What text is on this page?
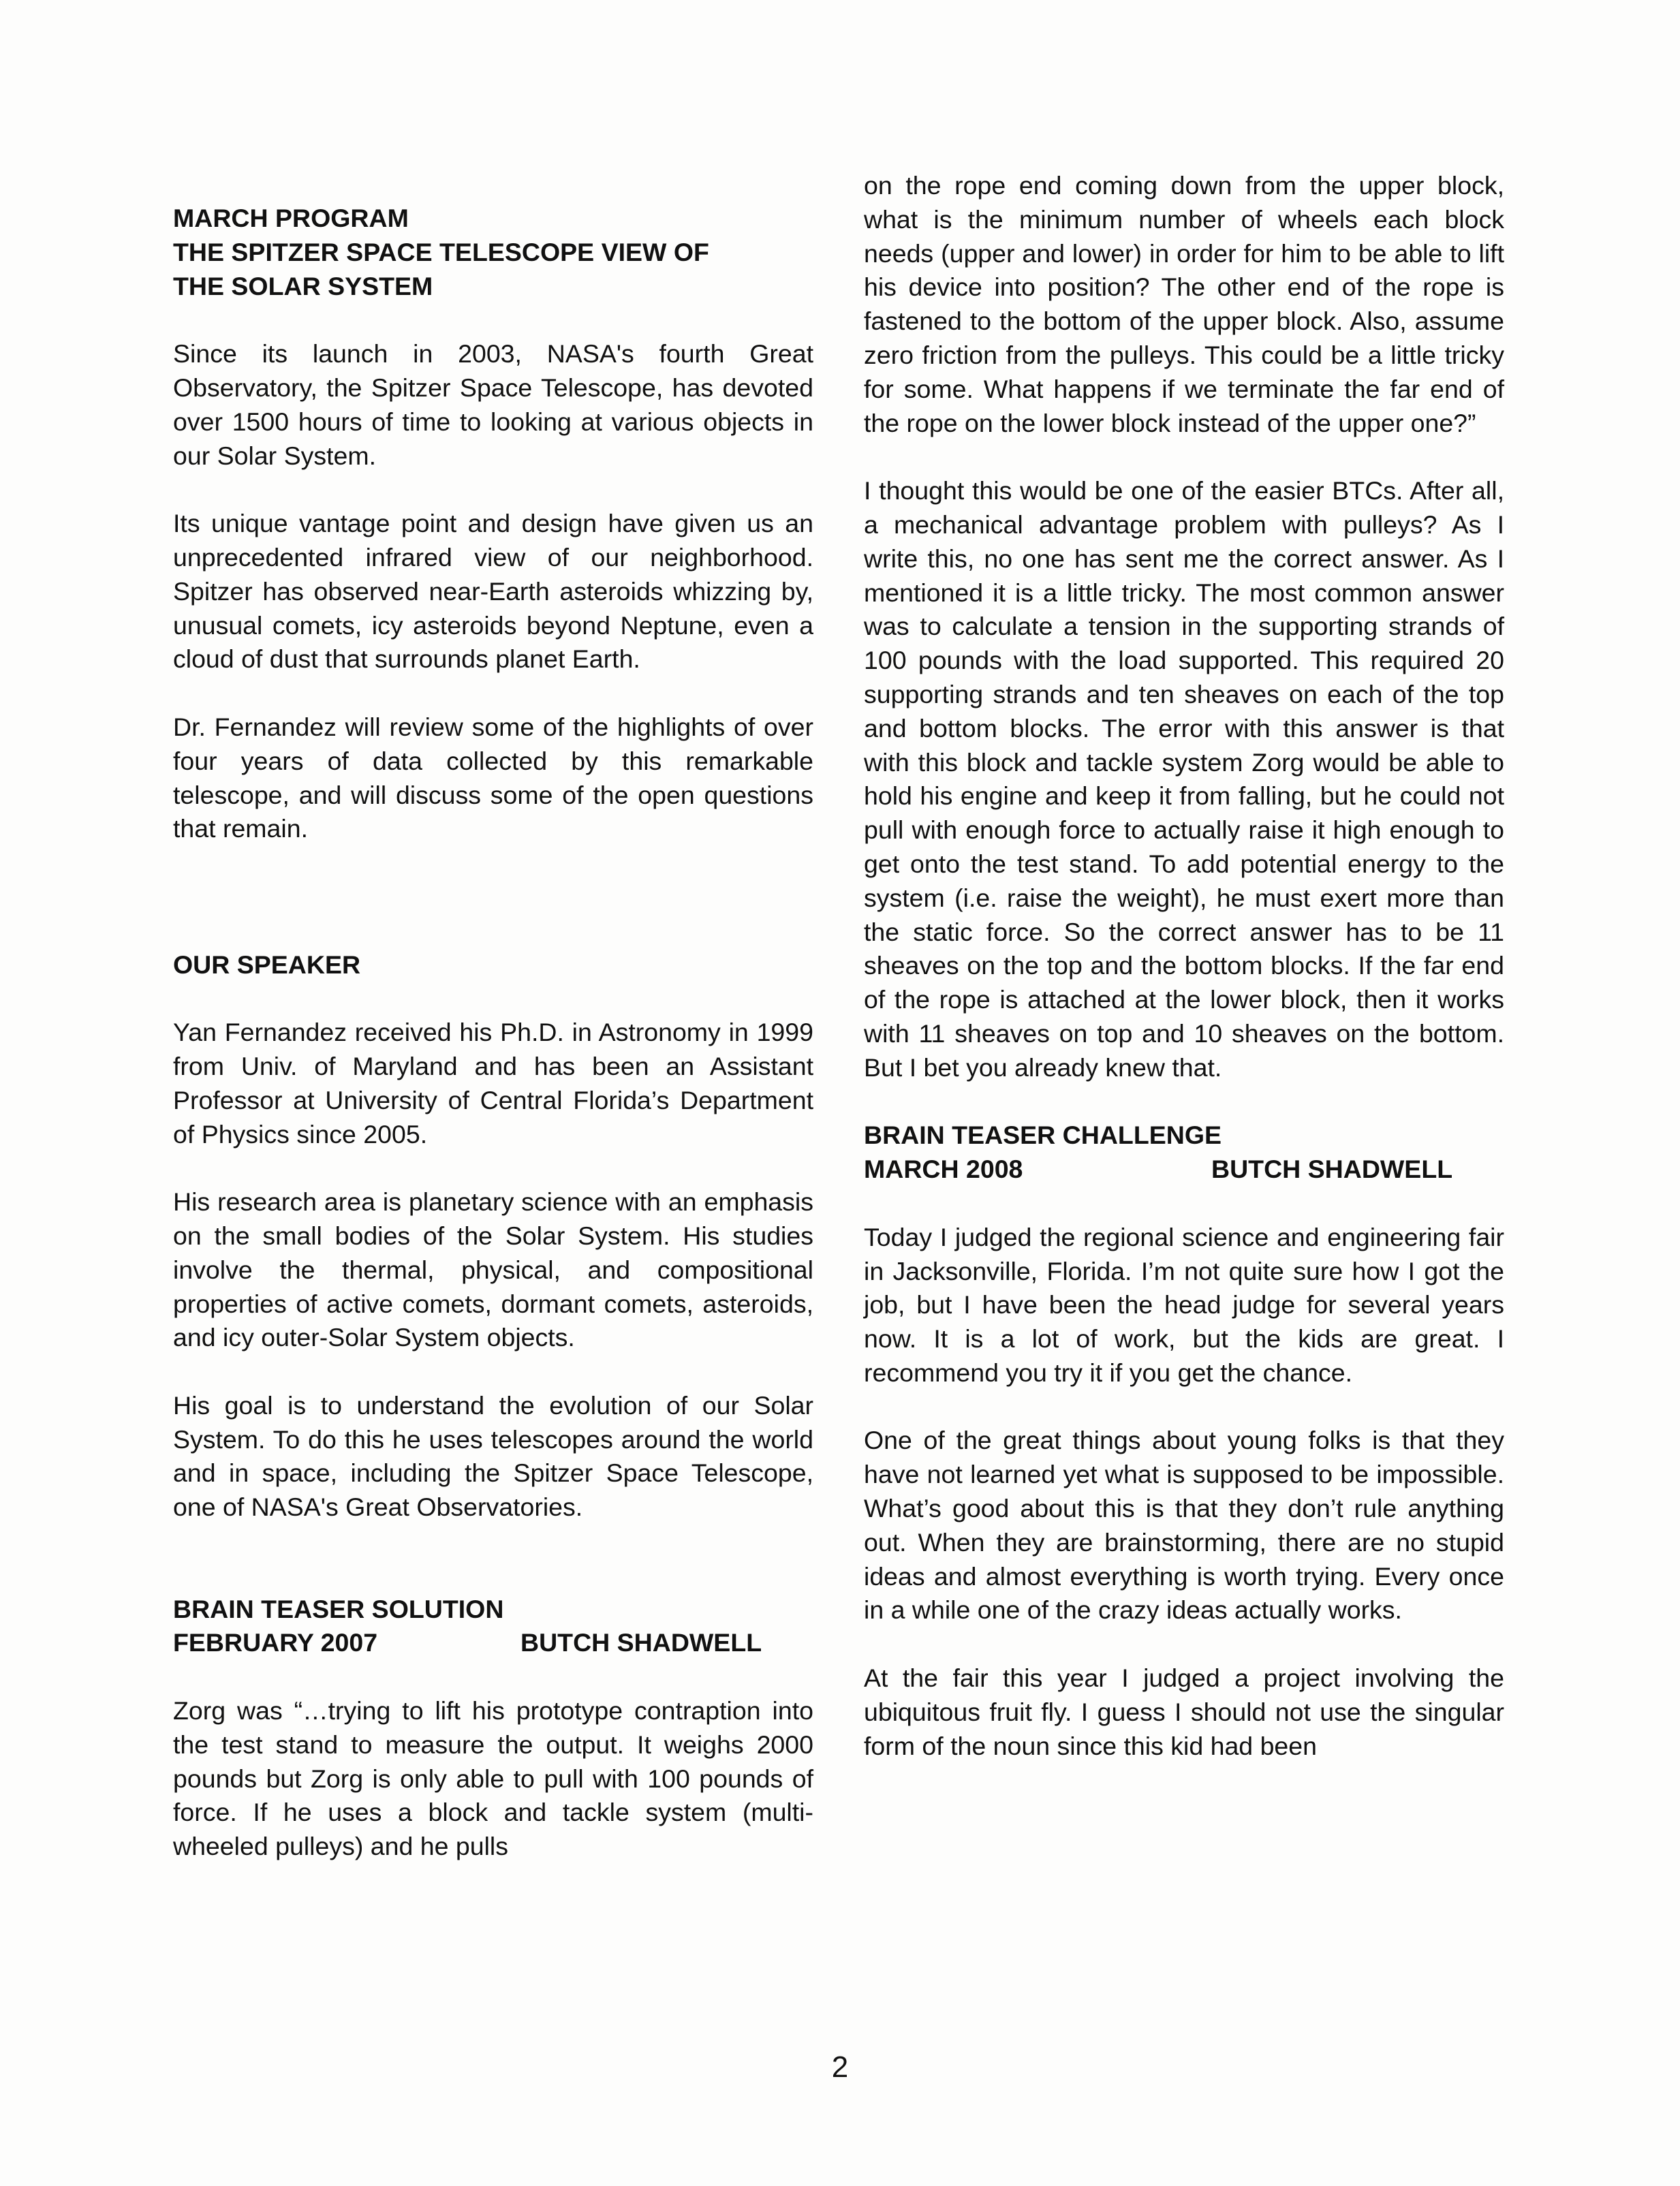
MARCH PROGRAM
THE SPITZER SPACE TELESCOPE VIEW OF
THE SOLAR SYSTEM

Since its launch in 2003, NASA's fourth Great Observatory, the Spitzer Space Telescope, has devoted over 1500 hours of time to looking at various objects in our Solar System.

Its unique vantage point and design have given us an unprecedented infrared view of our neighborhood. Spitzer has observed near-Earth asteroids whizzing by, unusual comets, icy asteroids beyond Neptune, even a cloud of dust that surrounds planet Earth.

Dr. Fernandez will review some of the highlights of over four years of data collected by this remarkable telescope, and will discuss some of the open questions that remain.

OUR SPEAKER

Yan Fernandez received his Ph.D. in Astronomy in 1999 from Univ. of Maryland and has been an Assistant Professor at University of Central Florida’s Department of Physics since 2005.

His research area is planetary science with an emphasis on the small bodies of the Solar System. His studies involve the thermal, physical, and compositional properties of active comets, dormant comets, asteroids, and icy outer-Solar System objects.

His goal is to understand the evolution of our Solar System. To do this he uses telescopes around the world and in space, including the Spitzer Space Telescope, one of NASA's Great Observatories.

BRAIN TEASER SOLUTION
FEBRUARY 2007	BUTCH SHADWELL

Zorg was “…trying to lift his prototype contraption into the test stand to measure the output. It weighs 2000 pounds but Zorg is only able to pull with 100 pounds of force. If he uses a block and tackle system (multi-wheeled pulleys) and he pulls

on the rope end coming down from the upper block, what is the minimum number of wheels each block needs (upper and lower) in order for him to be able to lift his device into position? The other end of the rope is fastened to the bottom of the upper block. Also, assume zero friction from the pulleys. This could be a little tricky for some. What happens if we terminate the far end of the rope on the lower block instead of the upper one?”

I thought this would be one of the easier BTCs. After all, a mechanical advantage problem with pulleys? As I write this, no one has sent me the correct answer. As I mentioned it is a little tricky. The most common answer was to calculate a tension in the supporting strands of 100 pounds with the load supported. This required 20 supporting strands and ten sheaves on each of the top and bottom blocks. The error with this answer is that with this block and tackle system Zorg would be able to hold his engine and keep it from falling, but he could not pull with enough force to actually raise it high enough to get onto the test stand. To add potential energy to the system (i.e. raise the weight), he must exert more than the static force. So the correct answer has to be 11 sheaves on the top and the bottom blocks. If the far end of the rope is attached at the lower block, then it works with 11 sheaves on top and 10 sheaves on the bottom. But I bet you already knew that.

BRAIN TEASER CHALLENGE
MARCH 2008	BUTCH SHADWELL

Today I judged the regional science and engineering fair in Jacksonville, Florida. I’m not quite sure how I got the job, but I have been the head judge for several years now. It is a lot of work, but the kids are great. I recommend you try it if you get the chance.

One of the great things about young folks is that they have not learned yet what is supposed to be impossible. What’s good about this is that they don’t rule anything out. When they are brainstorming, there are no stupid ideas and almost everything is worth trying. Every once in a while one of the crazy ideas actually works.

At the fair this year I judged a project involving the ubiquitous fruit fly. I guess I should not use the singular form of the noun since this kid had been

2
